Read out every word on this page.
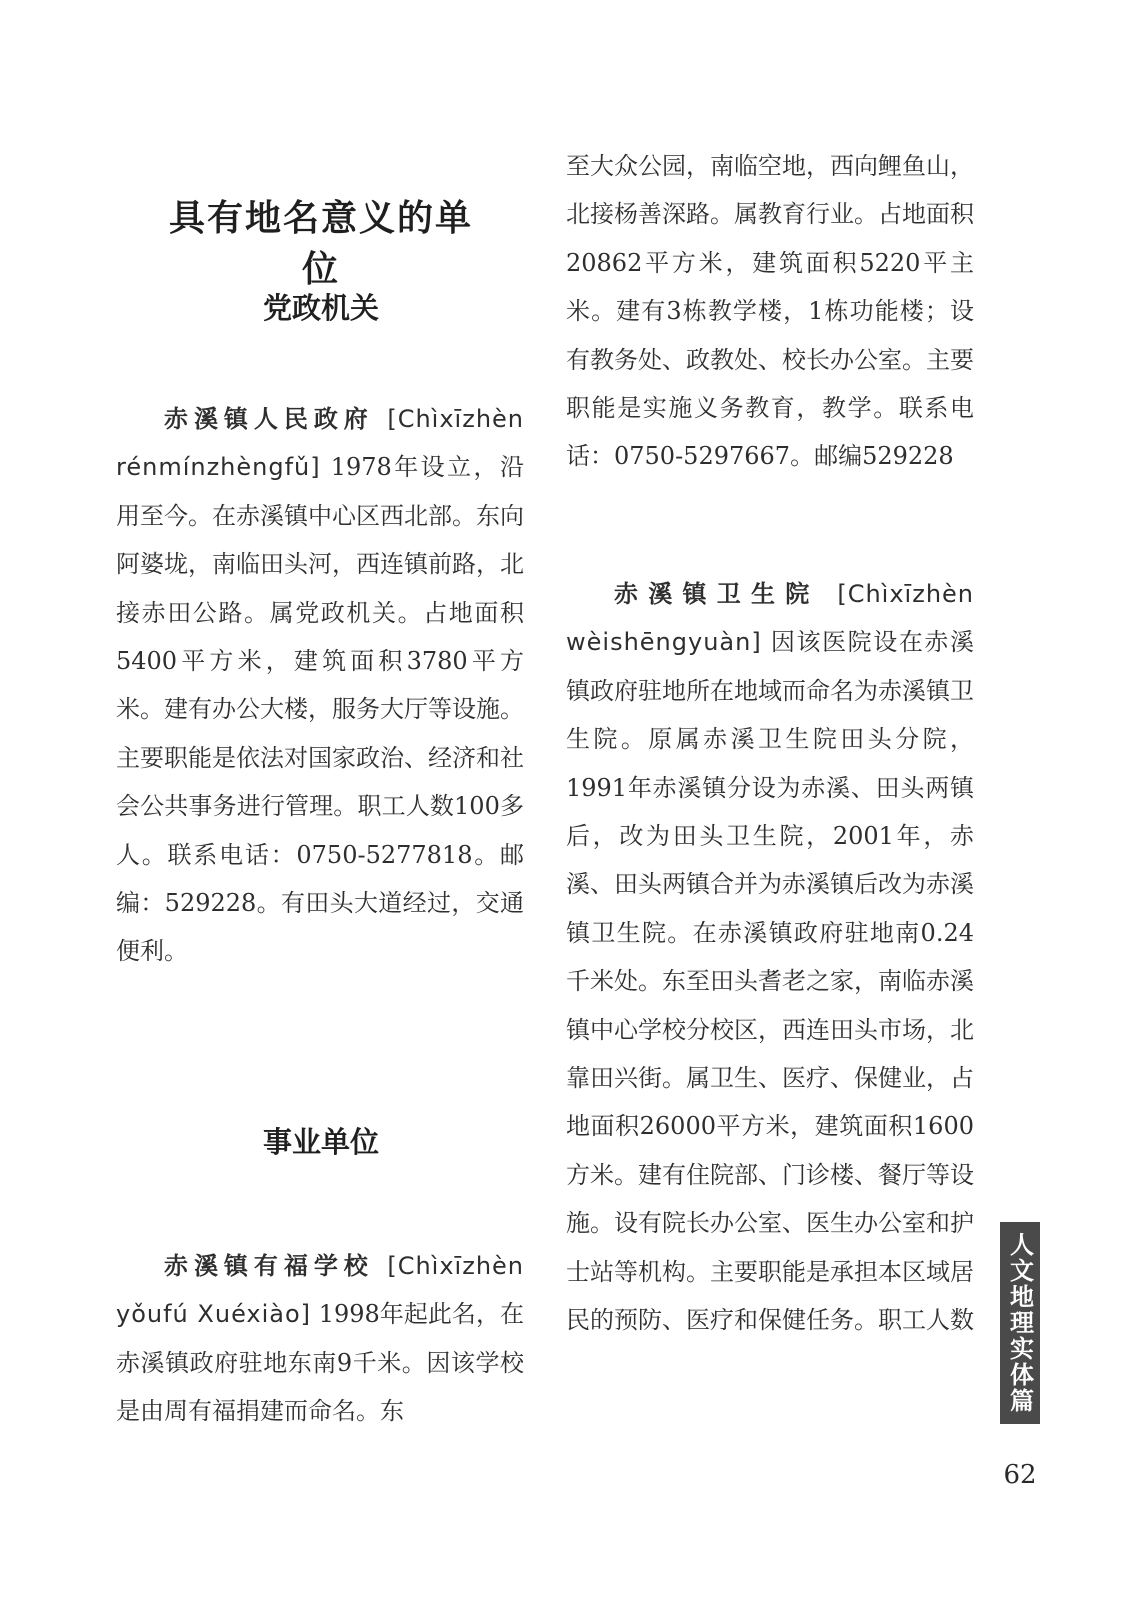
具有地名意义的单位
党政机关

赤溪镇人民政府 [Chìxīzhèn rénmínzhèngfǔ] 1978年设立，沿用至今。在赤溪镇中心区西北部。东向阿婆垅，南临田头河，西连镇前路，北接赤田公路。属党政机关。占地面积5400平方米，建筑面积3780平方米。建有办公大楼，服务大厅等设施。主要职能是依法对国家政治、经济和社会公共事务进行管理。职工人数100多人。联系电话：0750-5277818。邮编：529228。有田头大道经过，交通便利。

事业单位

赤溪镇有福学校 [Chìxīzhèn yǒufú Xuéxiào] 1998年起此名，在赤溪镇政府驻地东南9千米。因该学校是由周有福捐建而命名。东

至大众公园，南临空地，西向鲤鱼山，北接杨善深路。属教育行业。占地面积20862平方米，建筑面积5220平主米。建有3栋教学楼，1栋功能楼；设有教务处、政教处、校长办公室。主要职能是实施义务教育，教学。联系电话：0750-5297667。邮编529228

赤溪镇卫生院 [Chìxīzhèn wèishēngyuàn] 因该医院设在赤溪镇政府驻地所在地域而命名为赤溪镇卫生院。原属赤溪卫生院田头分院，1991年赤溪镇分设为赤溪、田头两镇后，改为田头卫生院，2001年，赤溪、田头两镇合并为赤溪镇后改为赤溪镇卫生院。在赤溪镇政府驻地南0.24千米处。东至田头耆老之家，南临赤溪镇中心学校分校区，西连田头市场，北靠田兴街。属卫生、医疗、保健业，占地面积26000平方米，建筑面积1600方米。建有住院部、门诊楼、餐厅等设施。设有院长办公室、医生办公室和护士站等机构。主要职能是承担本区域居民的预防、医疗和保健任务。职工人数 人文地理实体篇
62
